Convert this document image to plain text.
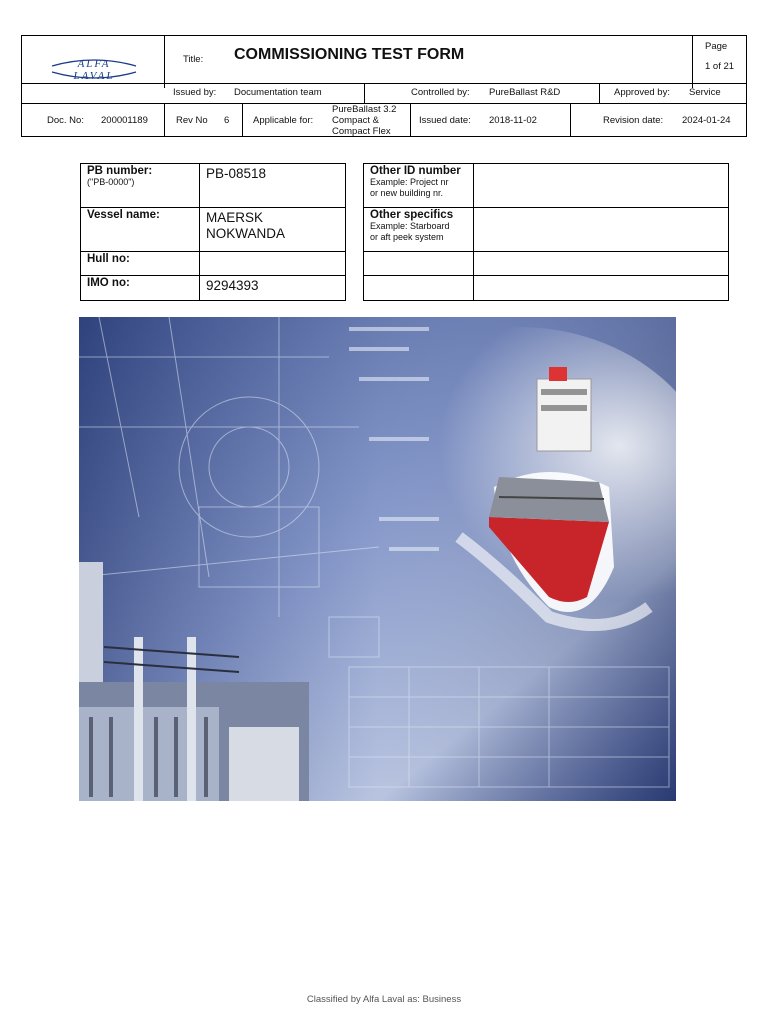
ALFA
LAVAL
Title: COMMISSIONING TEST FORM	Page
1 of 21
Issued by: Documentation team	Controlled by: PureBallast R&D	Approved by: Service
Doc. No: 200001189	Rev No 6 Applicable for:
PureBallast 3.2
Compact &
Compact Flex
Issued date: 2018-11-02	Revision date: 2024-01-24
PB number:
("PB-0000")	PB-08518

Vessel name:	MAERSK
NOKWANDA

Hull no:	

IMO no:	9294393
Other ID number
Example: Project nr
or new building nr.	

Other specifics
Example: Starboard
or aft peek system	

Classified by Alfa Laval as: Business
